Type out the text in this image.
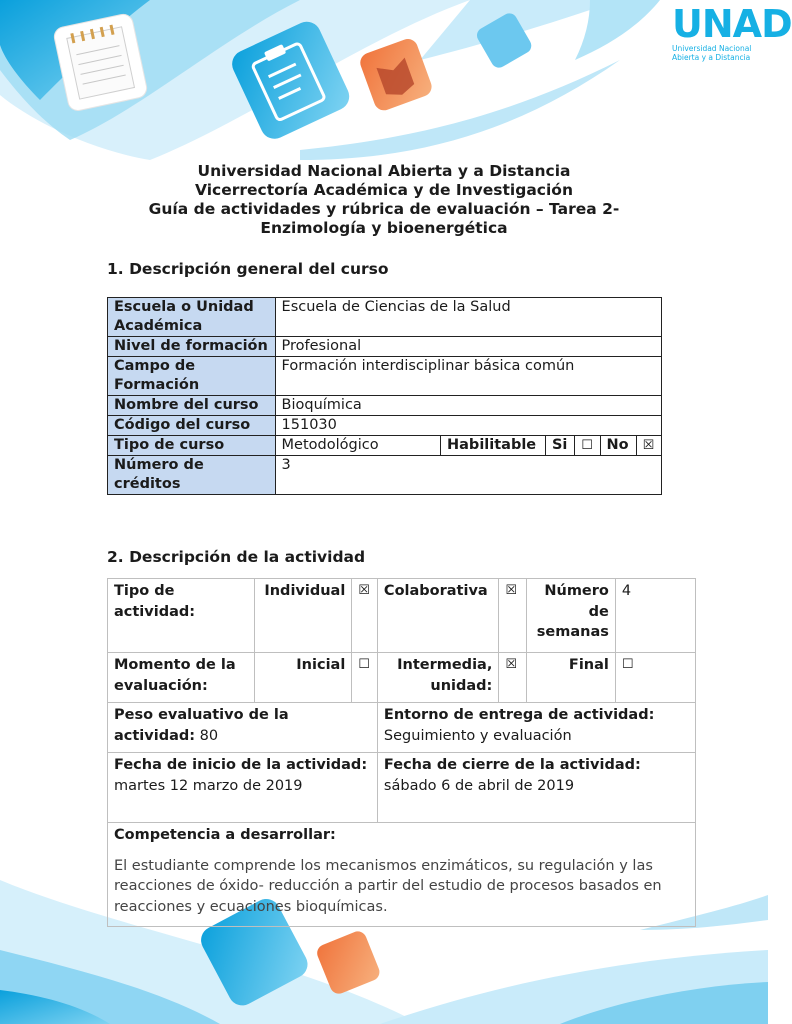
UNAD
Universidad Nacional Abierta y a Distancia
Universidad Nacional Abierta y a Distancia
Vicerrectoría Académica y de Investigación
Guía de actividades y rúbrica de evaluación – Tarea 2-
Enzimología y bioenergética
1. Descripción general del curso
Escuela o Unidad Académica	Escuela de Ciencias de la Salud					
Nivel de formación	Profesional					
Campo de Formación	Formación interdisciplinar básica común					
Nombre del curso	Bioquímica					
Código del curso	151030					
Tipo de curso	Metodológico	Habilitable	Si	☐	No	☒
Número de créditos	3					
2. Descripción de la actividad
Tipo de actividad:	Individual	☒	Colaborativa	☒	Número de semanas	4
Momento de la evaluación:	Inicial	☐	Intermedia, unidad:	☒	Final	☐
Peso evaluativo de la actividad: 80			Entorno de entrega de actividad:
Seguimiento y evaluación			
Fecha de inicio de la actividad: martes 12 marzo de 2019			Fecha de cierre de la actividad:
sábado 6 de abril de 2019			

Competencia a desarrollar:
El estudiante comprende los mecanismos enzimáticos, su regulación y las reacciones de óxido- reducción a partir del estudio de procesos basados en reacciones y ecuaciones bioquímicas.						
